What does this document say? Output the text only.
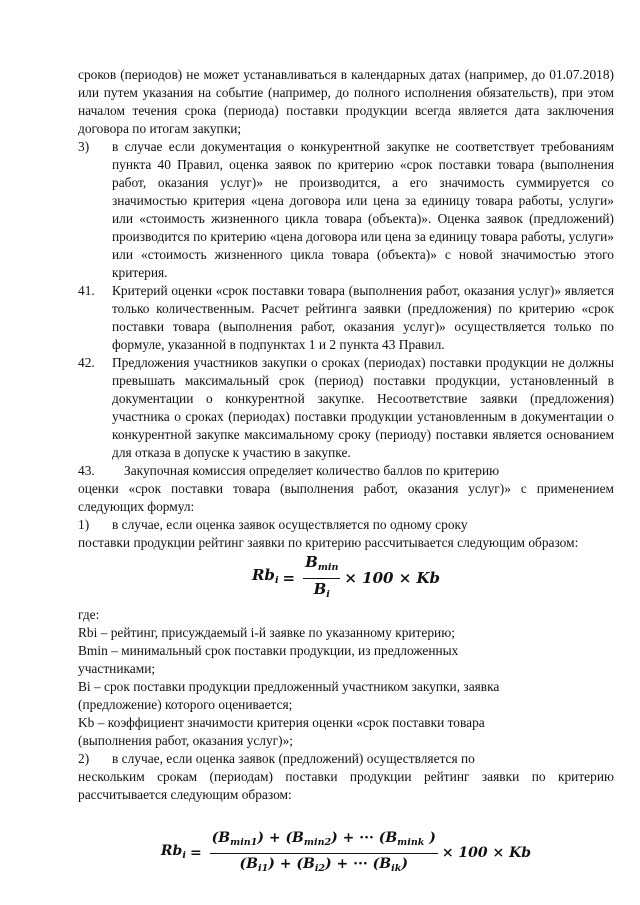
сроков (периодов) не может устанавливаться в календарных датах (например, до 01.07.2018) или путем указания на событие (например, до полного исполнения обязательств), при этом началом течения срока (периода) поставки продукции всегда является дата заключения договора по итогам закупки;

3)	в случае если документация о конкурентной закупке не соответствует требованиям пункта 40 Правил, оценка заявок по критерию «срок поставки товара (выполнения работ, оказания услуг)» не производится, а его значимость суммируется со значимостью критерия «цена договора или цена за единицу товара работы, услуги» или «стоимость жизненного цикла товара (объекта)». Оценка заявок (предложений) производится по критерию «цена договора или цена за единицу товара работы, услуги» или «стоимость жизненного цикла товара (объекта)» с новой значимостью этого критерия.
41.	Критерий оценки «срок поставки товара (выполнения работ, оказания услуг)» является только количественным. Расчет рейтинга заявки (предложения) по критерию «срок поставки товара (выполнения работ, оказания услуг)» осуществляется только по формуле, указанной в подпунктах 1 и 2 пункта 43 Правил.
42.	Предложения участников закупки о сроках (периодах) поставки продукции не должны превышать максимальный срок (период) поставки продукции, установленный в документации о конкурентной закупке. Несоответствие заявки (предложения) участника о сроках (периодах) поставки продукции установленным в документации о конкурентной закупке максимальному сроку (периоду) поставки является основанием для отказа в допуске к участию в закупке.
43.	Закупочная комиссия определяет количество баллов по критерию

оценки «срок поставки товара (выполнения работ, оказания услуг)» с применением следующих формул:

1)	в случае, если оценка заявок осуществляется по одному сроку

поставки продукции рейтинг заявки по критерию рассчитывается следующим образом:

$Rb_i = \frac{B_{min}}{B_i} \times 100 \times Kb$

где:

Rbi – рейтинг, присуждаемый i-й заявке по указанному критерию;

Bmin – минимальный срок поставки продукции, из предложенных участниками;

Bi – срок поставки продукции предложенный участником закупки, заявка (предложение) которого оценивается;

Kb – коэффициент значимости критерия оценки «срок поставки товара (выполнения работ, оказания услуг)»;

2)	в случае, если оценка заявок (предложений) осуществляется по

нескольким срокам (периодам) поставки продукции рейтинг заявки по критерию рассчитывается следующим образом:

$Rb_i = \frac{(B_{min1}) + (B_{min2}) + \cdot\cdot\cdot (B_{mink} )}{(B_{i1}) + (B_{i2}) + \cdot\cdot\cdot (B_{ik})} \times 100 \times Kb$
